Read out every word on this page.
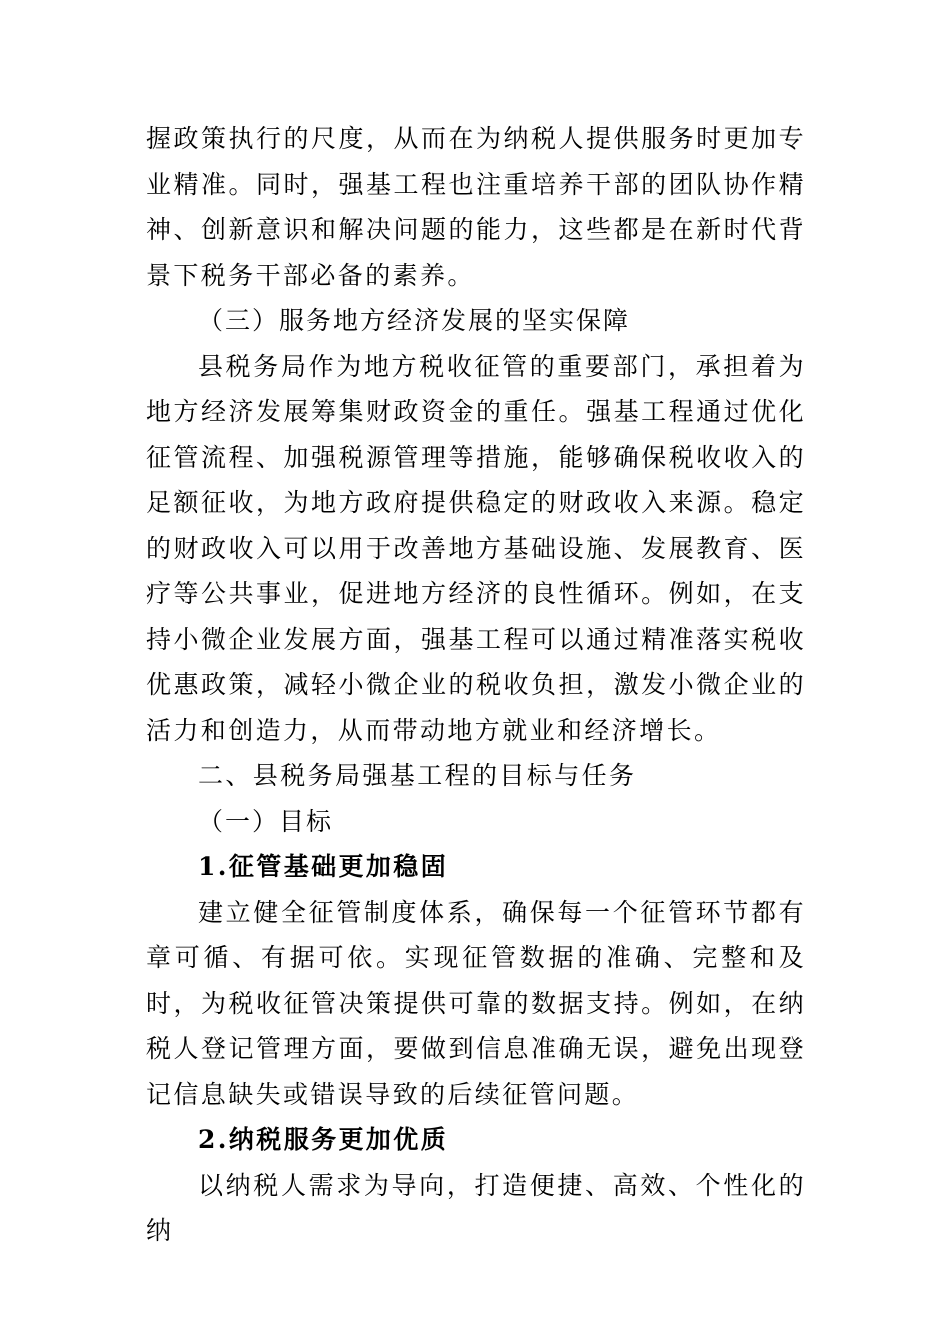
握政策执行的尺度，从而在为纳税人提供服务时更加专业精准。同时，强基工程也注重培养干部的团队协作精神、创新意识和解决问题的能力，这些都是在新时代背景下税务干部必备的素养。

（三）服务地方经济发展的坚实保障

县税务局作为地方税收征管的重要部门，承担着为地方经济发展筹集财政资金的重任。强基工程通过优化征管流程、加强税源管理等措施，能够确保税收收入的足额征收，为地方政府提供稳定的财政收入来源。稳定的财政收入可以用于改善地方基础设施、发展教育、医疗等公共事业，促进地方经济的良性循环。例如，在支持小微企业发展方面，强基工程可以通过精准落实税收优惠政策，减轻小微企业的税收负担，激发小微企业的活力和创造力，从而带动地方就业和经济增长。

二、县税务局强基工程的目标与任务

（一）目标

1.征管基础更加稳固

建立健全征管制度体系，确保每一个征管环节都有章可循、有据可依。实现征管数据的准确、完整和及时，为税收征管决策提供可靠的数据支持。例如，在纳税人登记管理方面，要做到信息准确无误，避免出现登记信息缺失或错误导致的后续征管问题。

2.纳税服务更加优质

以纳税人需求为导向，打造便捷、高效、个性化的纳
